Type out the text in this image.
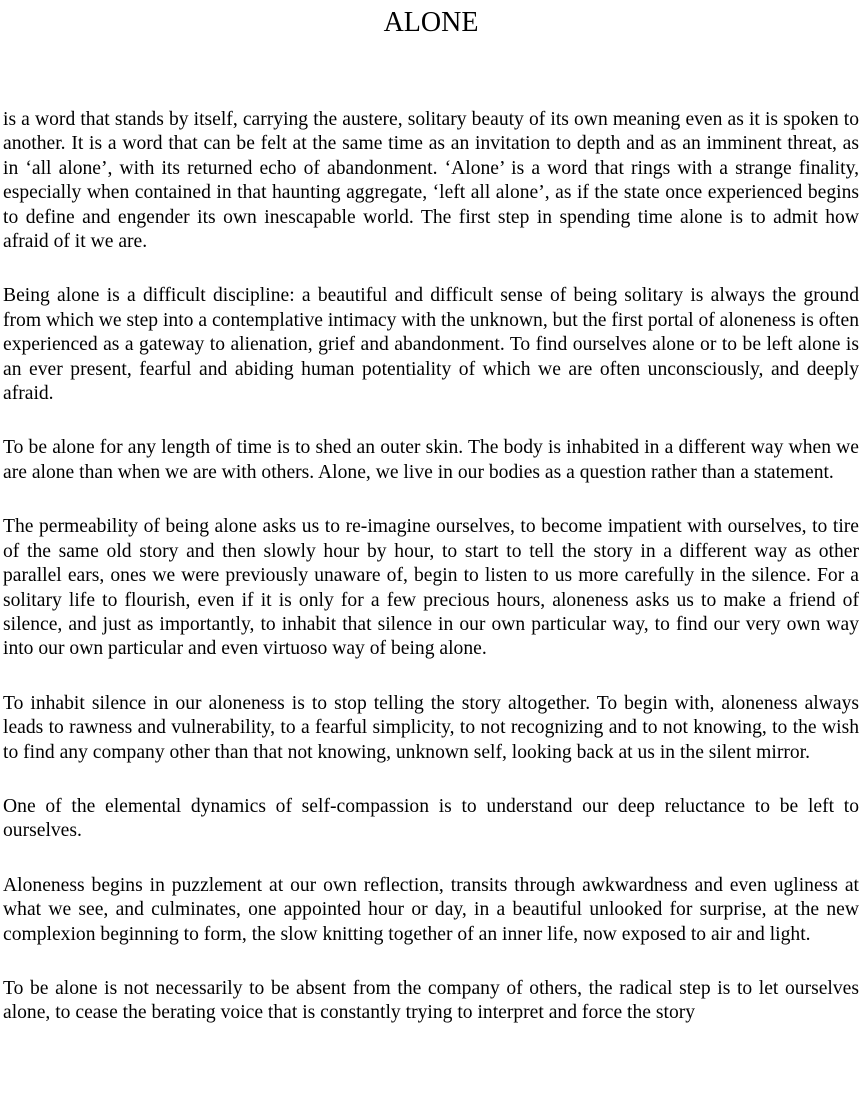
ALONE

is a word that stands by itself, carrying the austere, solitary beauty of its own meaning even as it is spoken to another. It is a word that can be felt at the same time as an invitation to depth and as an imminent threat, as in ‘all alone’, with its returned echo of abandonment. ‘Alone’ is a word that rings with a strange finality, especially when contained in that haunting aggregate, ‘left all alone’, as if the state once experienced begins to define and engender its own inescapable world. The first step in spending time alone is to admit how afraid of it we are.

Being alone is a difficult discipline: a beautiful and difficult sense of being solitary is always the ground from which we step into a contemplative intimacy with the unknown, but the first portal of aloneness is often experienced as a gateway to alienation, grief and abandonment. To find ourselves alone or to be left alone is an ever present, fearful and abiding human potentiality of which we are often unconsciously, and deeply afraid.

To be alone for any length of time is to shed an outer skin. The body is inhabited in a different way when we are alone than when we are with others. Alone, we live in our bodies as a question rather than a statement.

The permeability of being alone asks us to re-imagine ourselves, to become impatient with ourselves, to tire of the same old story and then slowly hour by hour, to start to tell the story in a different way as other parallel ears, ones we were previously unaware of, begin to listen to us more carefully in the silence. For a solitary life to flourish, even if it is only for a few precious hours, aloneness asks us to make a friend of silence, and just as importantly, to inhabit that silence in our own particular way, to find our very own way into our own particular and even virtuoso way of being alone.

To inhabit silence in our aloneness is to stop telling the story altogether. To begin with, aloneness always leads to rawness and vulnerability, to a fearful simplicity, to not recognizing and to not knowing, to the wish to find any company other than that not knowing, unknown self, looking back at us in the silent mirror.

One of the elemental dynamics of self-compassion is to understand our deep reluctance to be left to ourselves.

Aloneness begins in puzzlement at our own reflection, transits through awkwardness and even ugliness at what we see, and culminates, one appointed hour or day, in a beautiful unlooked for surprise, at the new complexion beginning to form, the slow knitting together of an inner life, now exposed to air and light.

To be alone is not necessarily to be absent from the company of others, the radical step is to let ourselves alone, to cease the berating voice that is constantly trying to interpret and force the story
